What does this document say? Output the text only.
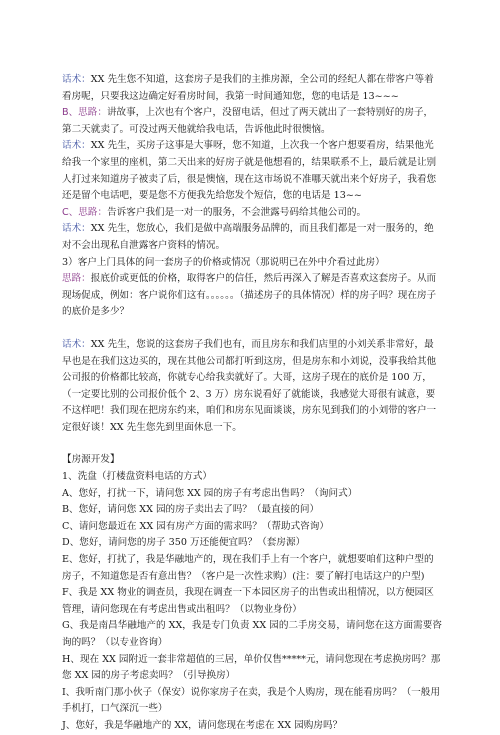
话术：XX 先生您不知道，这套房子是我们的主推房源，全公司的经纪人都在带客户等着看房呢，只要我这边确定好看房时间，我第一时间通知您，您的电话是 13~~~

B、思路：讲故事，上次也有个客户，没留电话，但过了两天就出了一套特别好的房子，第二天就卖了。可没过两天他就给我电话，告诉他此时很懊恼。

话术：XX 先生，买房子这事是大事呀，您不知道，上次我一个客户想要看房，结果他光给我一个家里的座机，第二天出来的好房子就是他想看的，结果联系不上，最后就是让别人打过来知道房子被卖了后，很是懊恼，现在这市场说不准哪天就出来个好房子，我看您还是留个电话吧，要是您不方便我先给您发个短信，您的电话是 13~~

C、思路：告诉客户我们是一对一的服务，不会泄露号码给其他公司的。

话术：XX 先生，您放心，我们是做中高端服务品牌的，而且我们都是一对一服务的，绝对不会出现私自泄露客户资料的情况。

3）客户上门具体的问一套房子的价格或情况（那说明已在外中介看过此房）

思路：报底价或更低的价格，取得客户的信任，然后再深入了解是否喜欢这套房子。从而现场促成，例如：客户说你们这有。。。。。。（描述房子的具体情况）样的房子吗？现在房子的底价是多少？

话术：XX 先生，您说的这套房子我们也有，而且房东和我们店里的小刘关系非常好，最早也是在我们这边买的，现在其他公司都打听到这房，但是房东和小刘说，没事我给其他公司报的价格都比较高，你就专心给我卖就好了。大哥，这房子现在的底价是 100 万，（一定要比别的公司报价低个 2、3 万）房东说看好了就能谈，我感觉大哥很有诚意，要不这样吧！我们现在把房东约来，咱们和房东见面谈谈，房东见到我们的小刘带的客户一定很好谈！XX 先生您先到里面休息一下。

【房源开发】

1、洗盘（打楼盘资料电话的方式）

A、您好，打扰一下，请问您 XX 园的房子有考虑出售吗？（询问式）

B、您好，请问您 XX 园的房子卖出去了吗？（最直接的问）

C、请问您最近在 XX 园有房产方面的需求吗？（帮助式咨询）

D、您好，请问您的房子 350 万还能便宜吗？（套房源）

E、您好，打扰了，我是华融地产的，现在我们手上有一个客户，就想要咱们这种户型的房子，不知道您是否有意出售？（客户是一次性求购）(注：要了解打电话这户的户型)

F、我是 XX 物业的调查员，我现在调查一下本园区房子的出售或出租情况，以方便园区管理，请问您现在有考虑出售或出租吗？（以物业身份）

G、我是南昌华融地产的 XX，我是专门负责 XX 园的二手房交易，请问您在这方面需要咨询的吗？（以专业咨询）

H、现在 XX 园附近一套非常超值的三居，单价仅售*****元，请问您现在考虑换房吗？那您 XX 园的房子考虑卖吗？（引导换房）

I、我听南门那小伙子（保安）说你家房子在卖，我是个人购房，现在能看房吗？（一般用手机打，口气深沉一些）

J、您好，我是华融地产的 XX，请问您现在考虑在 XX 园购房吗？
